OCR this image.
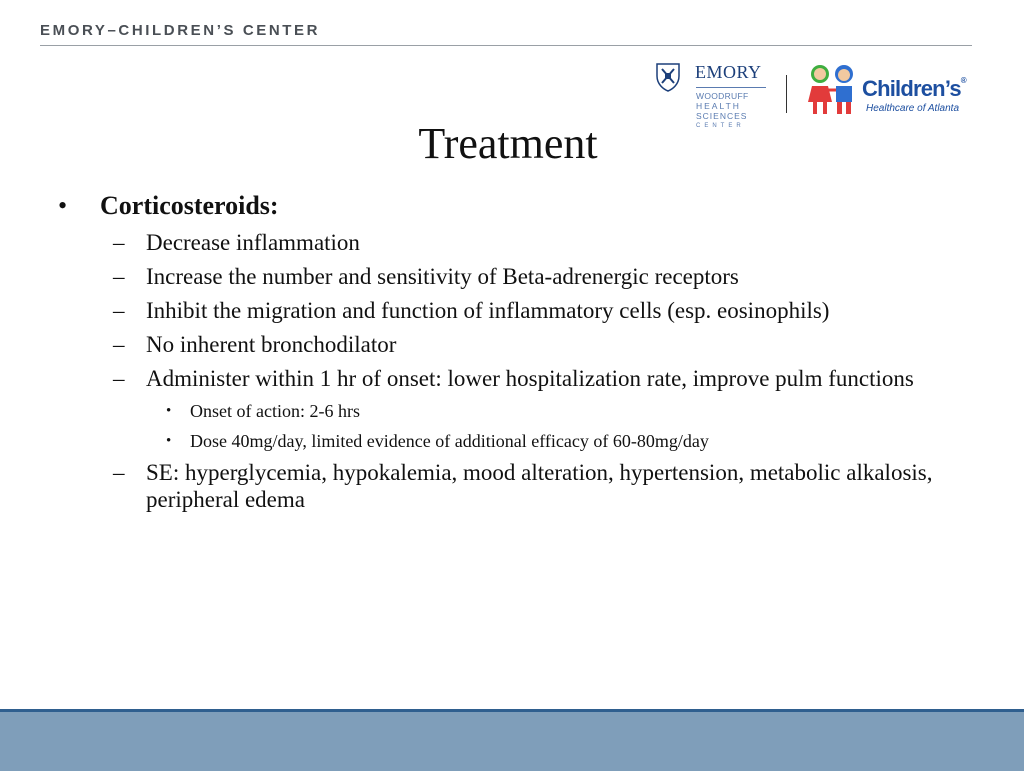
EMORY–CHILDREN’S CENTER
EMORY
WOODRUFF
HEALTH
SCIENCES
CENTER
Children’s®
Healthcare of Atlanta
Treatment
• Corticosteroids:
– Decrease inflammation
– Increase the number and sensitivity of Beta-adrenergic receptors
– Inhibit the migration and function of inflammatory cells (esp. eosinophils)
– No inherent bronchodilator
– Administer within 1 hr of onset: lower hospitalization rate, improve pulm functions
• Onset of action: 2-6 hrs
• Dose 40mg/day, limited evidence of additional efficacy of 60-80mg/day
– SE: hyperglycemia, hypokalemia, mood alteration, hypertension, metabolic alkalosis, peripheral edema
